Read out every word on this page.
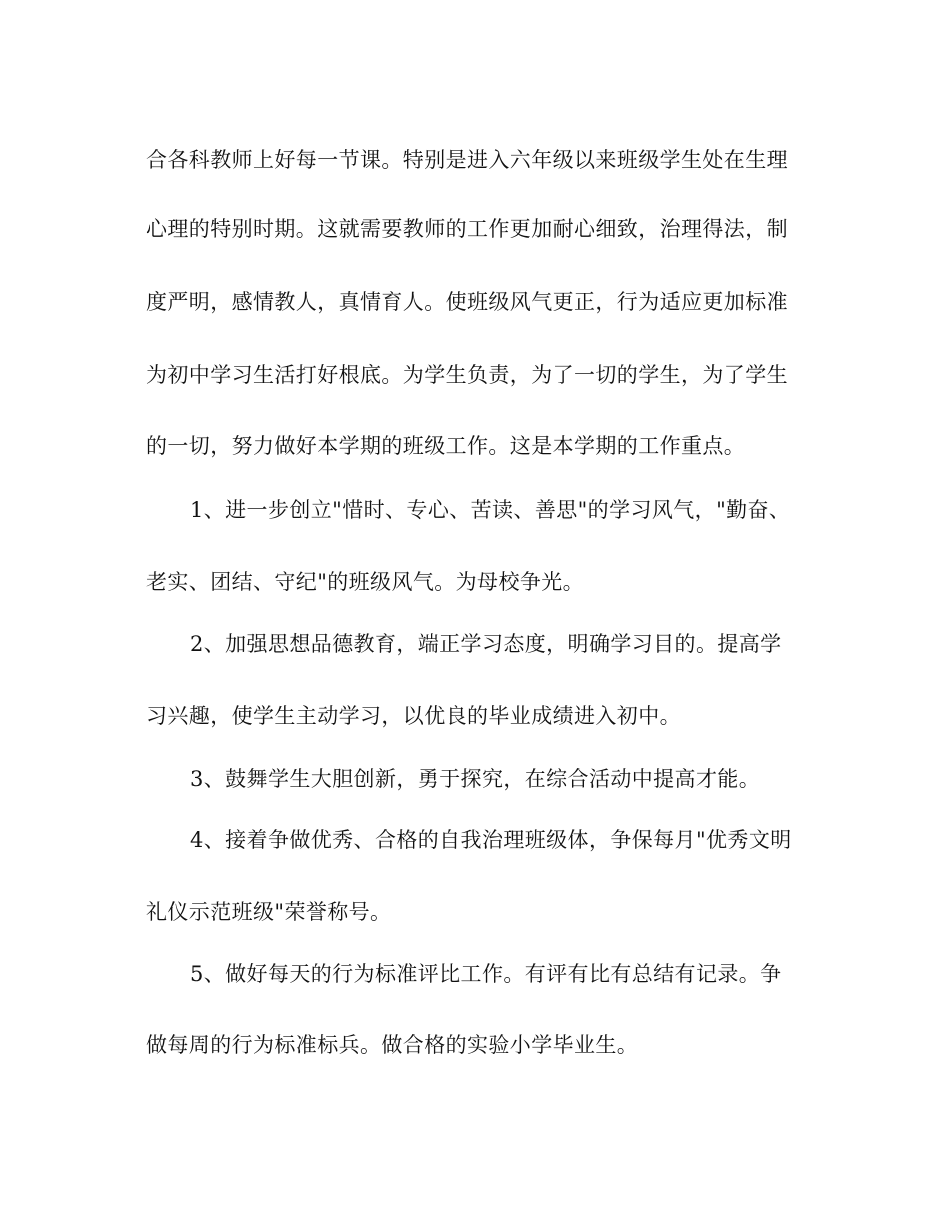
合各科教师上好每一节课。特别是进入六年级以来班级学生处在生理
心理的特别时期。这就需要教师的工作更加耐心细致，治理得法，制
度严明，感情教人，真情育人。使班级风气更正，行为适应更加标准
为初中学习生活打好根底。为学生负责，为了一切的学生，为了学生
的一切，努力做好本学期的班级工作。这是本学期的工作重点。
1、进一步创立"惜时、专心、苦读、善思"的学习风气，"勤奋、
老实、团结、守纪"的班级风气。为母校争光。
2、加强思想品德教育，端正学习态度，明确学习目的。提高学
习兴趣，使学生主动学习，以优良的毕业成绩进入初中。
3、鼓舞学生大胆创新，勇于探究，在综合活动中提高才能。
4、接着争做优秀、合格的自我治理班级体，争保每月"优秀文明
礼仪示范班级"荣誉称号。
5、做好每天的行为标准评比工作。有评有比有总结有记录。争
做每周的行为标准标兵。做合格的实验小学毕业生。
